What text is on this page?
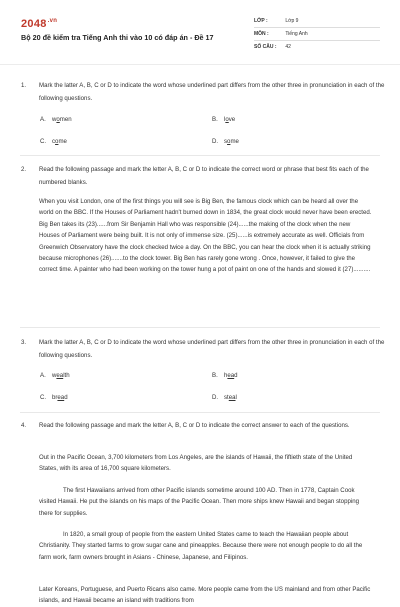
$2048^{.vn}$
Bộ 20 đề kiểm tra Tiếng Anh thi vào 10 có đáp án - Đề 17
LỚP :	Lớp 9
MÔN :	Tiếng Anh
SỐ CÂU : 42
1. Mark the latter A, B, C or D to indicate the word whose underlined part differs from the other three in pronunciation in each of the following questions.
A. women	B. love
C. come	D. some
2. Read the following passage and mark the letter A, B, C or D to indicate the correct word or phrase that best fits each of the numbered blanks.
When you visit London, one of the first things you will see is Big Ben, the famous clock which can be heard all over the world on the BBC. If the Houses of Parliament hadn't burned down in 1834, the great clock would never have been erected. Big Ben takes its (23)......from Sir Benjamin Hall who was responsible (24)......the making of the clock when the new Houses of Parliament were being built. It is not only of immense size. (25)......is extremely accurate as well. Officials from Greenwich Observatory have the clock checked twice a day. On the BBC, you can hear the clock when it is actually striking because microphones (26).......to the clock tower. Big Ben has rarely gone wrong . Once, however, it failed to give the correct time. A painter who had been working on the tower hung a pot of paint on one of the hands and slowed it (27)..........
3. Mark the latter A, B, C or D to indicate the word whose underlined part differs from the other three in pronunciation in each of the following questions.
A. wealth	B. head
C. bread	D. steal
4. Read the following passage and mark the letter A, B, C or D to indicate the correct answer to each of the questions.
Out in the Pacific Ocean, 3,700 kilometers from Los Angeles, are the islands of Hawaii, the fiftieth state of the United States, with its area of 16,700 square kilometers.
The first Hawaiians arrived from other Pacific islands sometime around 100 AD. Then in 1778, Captain Cook visited Hawaii. He put the islands on his maps of the Pacific Ocean. Then more ships knew Hawaii and began stopping there for supplies.
In 1820, a small group of people from the eastern United States came to teach the Hawaiian people about Christianity. They started farms to grow sugar cane and pineapples. Because there were not enough people to do all the farm work, farm owners brought in Asians - Chinese, Japanese, and Filipinos.
Later Koreans, Portuguese, and Puerto Ricans also came. More people came from the US mainland and from other Pacific islands, and Hawaii became an island with traditions from
